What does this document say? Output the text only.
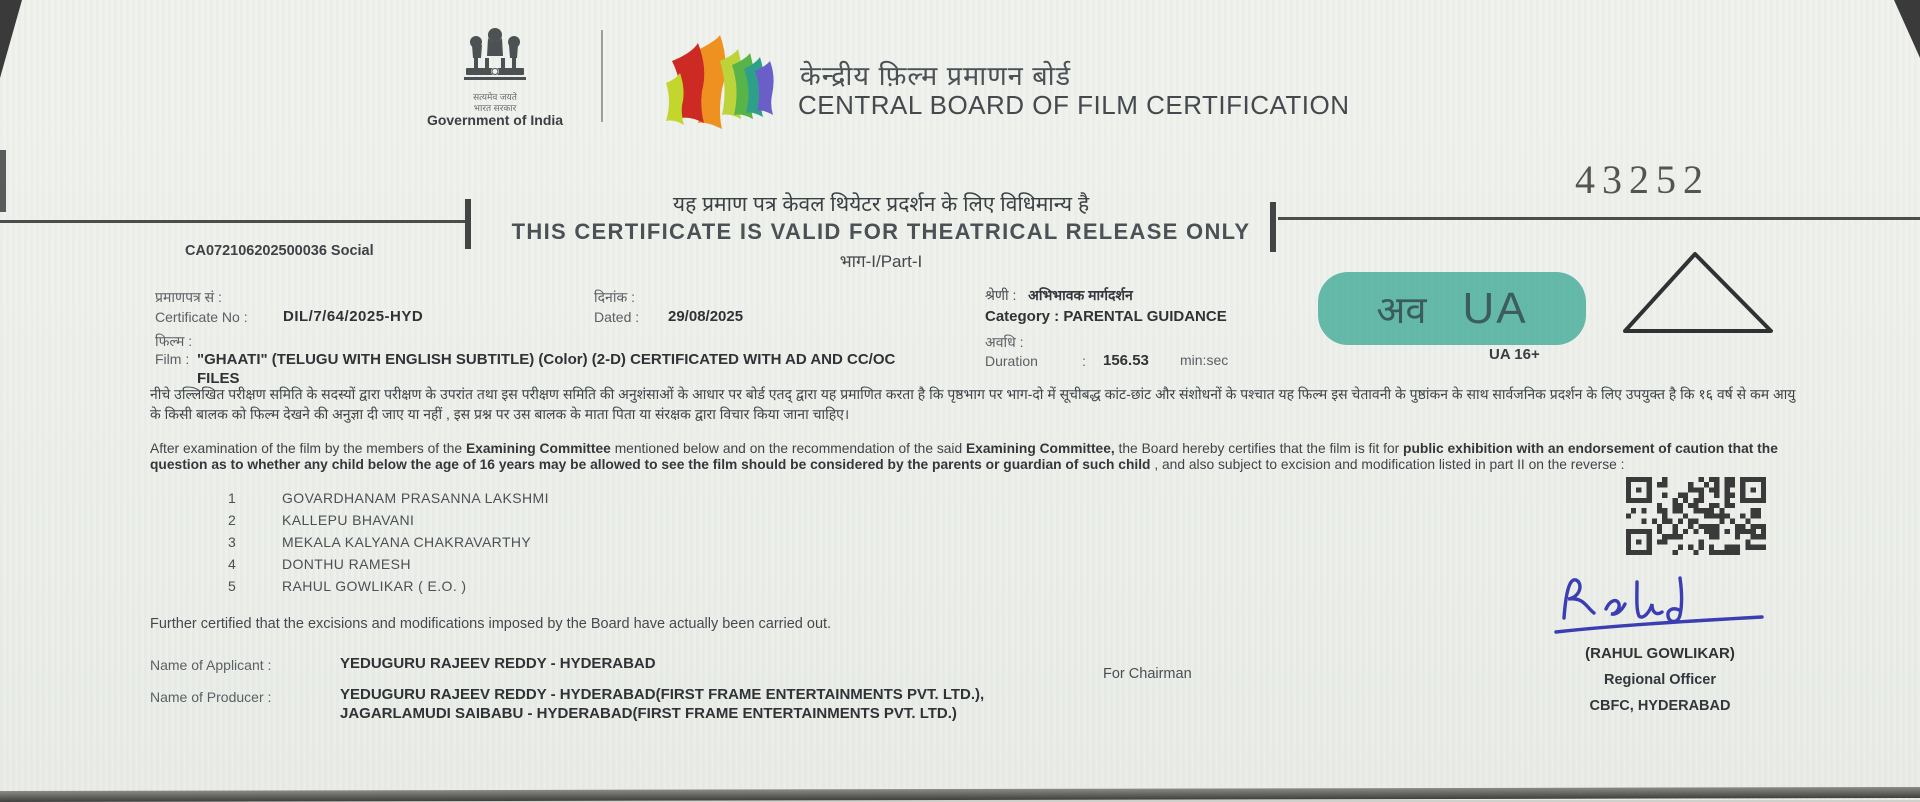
सत्यमेव जयते
भारत सरकार
Government of India
केन्द्रीय फ़िल्म प्रमाणन बोर्ड
CENTRAL BOARD OF FILM CERTIFICATION
यह प्रमाण पत्र केवल थियेटर प्रदर्शन के लिए विधिमान्य है
THIS CERTIFICATE IS VALID FOR THEATRICAL RELEASE ONLY
भाग-I/Part-I
43252
CA072106202500036 Social
प्रमाणपत्र सं :
Certificate No : DIL/7/64/2025-HYD
दिनांक :
Dated : 29/08/2025
श्रेणी : अभिभावक मार्गदर्शन
Category : PARENTAL GUIDANCE
फिल्म :
Film : "GHAATI" (TELUGU WITH ENGLISH SUBTITLE) (Color) (2-D) CERTIFICATED WITH AD AND CC/OC FILES
अवधि :
Duration	: 156.53 min:sec
अव UA
UA 16+
नीचे उल्लिखित परीक्षण समिति के सदस्यों द्वारा परीक्षण के उपरांत तथा इस परीक्षण समिति की अनुशंसाओं के आधार पर बोर्ड एतद् द्वारा यह प्रमाणित करता है कि पृष्ठभाग पर भाग-दो में सूचीबद्ध कांट-छांट और संशोधनों के पश्चात यह फिल्म इस चेतावनी के पुष्ठांकन के साथ सार्वजनिक प्रदर्शन के लिए उपयुक्त है कि १६ वर्ष से कम आयु के किसी बालक को फिल्म देखने की अनुज्ञा दी जाए या नहीं , इस प्रश्न पर उस बालक के माता पिता या संरक्षक द्वारा विचार किया जाना चाहिए।

After examination of the film by the members of the Examining Committee mentioned below and on the recommendation of the said Examining Committee, the Board hereby certifies that the film is fit for public exhibition with an endorsement of caution that the question as to whether any child below the age of 16 years may be allowed to see the film should be considered by the parents or guardian of such child , and also subject to excision and modification listed in part II on the reverse :

1	GOVARDHANAM PRASANNA LAKSHMI
2	KALLEPU BHAVANI
3	MEKALA KALYANA CHAKRAVARTHY
4	DONTHU RAMESH
5	RAHUL GOWLIKAR ( E.O. )
Further certified that the excisions and modifications imposed by the Board have actually been carried out.
(RAHUL GOWLIKAR)
Regional Officer
CBFC, HYDERABAD
For Chairman
Name of Applicant :	YEDUGURU RAJEEV REDDY - HYDERABAD
Name of Producer :	YEDUGURU RAJEEV REDDY - HYDERABAD(FIRST FRAME ENTERTAINMENTS PVT. LTD.), JAGARLAMUDI SAIBABU - HYDERABAD(FIRST FRAME ENTERTAINMENTS PVT. LTD.)
